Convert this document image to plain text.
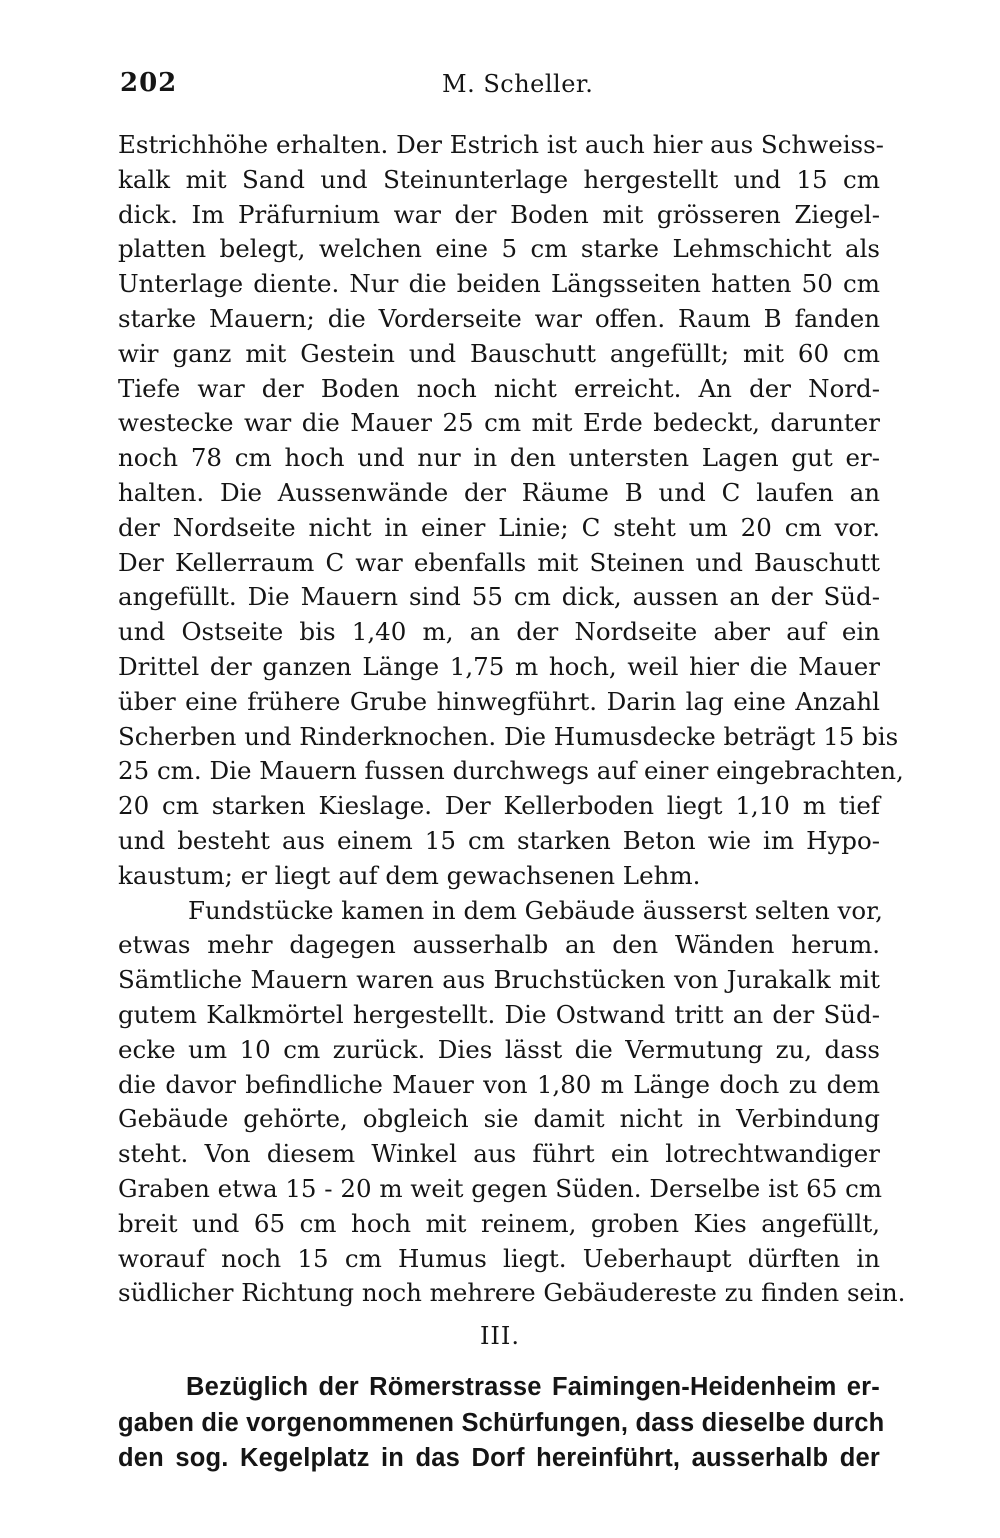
202	M. Scheller.
Estrichhöhe erhalten. Der Estrich ist auch hier aus Schweiss-
kalk mit Sand und Steinunterlage hergestellt und 15 cm
dick. Im Präfurnium war der Boden mit grösseren Ziegel-
platten belegt, welchen eine 5 cm starke Lehmschicht als
Unterlage diente. Nur die beiden Längsseiten hatten 50 cm
starke Mauern; die Vorderseite war offen. Raum B fanden
wir ganz mit Gestein und Bauschutt angefüllt; mit 60 cm
Tiefe war der Boden noch nicht erreicht. An der Nord-
westecke war die Mauer 25 cm mit Erde bedeckt, darunter
noch 78 cm hoch und nur in den untersten Lagen gut er-
halten. Die Aussenwände der Räume B und C laufen an
der Nordseite nicht in einer Linie; C steht um 20 cm vor.
Der Kellerraum C war ebenfalls mit Steinen und Bauschutt
angefüllt. Die Mauern sind 55 cm dick, aussen an der Süd-
und Ostseite bis 1,40 m, an der Nordseite aber auf ein
Drittel der ganzen Länge 1,75 m hoch, weil hier die Mauer
über eine frühere Grube hinwegführt. Darin lag eine Anzahl
Scherben und Rinderknochen. Die Humusdecke beträgt 15 bis
25 cm. Die Mauern fussen durchwegs auf einer eingebrachten,
20 cm starken Kieslage. Der Kellerboden liegt 1,10 m tief
und besteht aus einem 15 cm starken Beton wie im Hypo-
kaustum; er liegt auf dem gewachsenen Lehm.
Fundstücke kamen in dem Gebäude äusserst selten vor,
etwas mehr dagegen ausserhalb an den Wänden herum.
Sämtliche Mauern waren aus Bruchstücken von Jurakalk mit
gutem Kalkmörtel hergestellt. Die Ostwand tritt an der Süd-
ecke um 10 cm zurück. Dies lässt die Vermutung zu, dass
die davor befindliche Mauer von 1,80 m Länge doch zu dem
Gebäude gehörte, obgleich sie damit nicht in Verbindung
steht. Von diesem Winkel aus führt ein lotrechtwandiger
Graben etwa 15 - 20 m weit gegen Süden. Derselbe ist 65 cm
breit und 65 cm hoch mit reinem, groben Kies angefüllt,
worauf noch 15 cm Humus liegt. Ueberhaupt dürften in
südlicher Richtung noch mehrere Gebäudereste zu finden sein.
III.
Bezüglich der Römerstrasse Faimingen-Heidenheim er-
gaben die vorgenommenen Schürfungen, dass dieselbe durch
den sog. Kegelplatz in das Dorf hereinführt, ausserhalb der
